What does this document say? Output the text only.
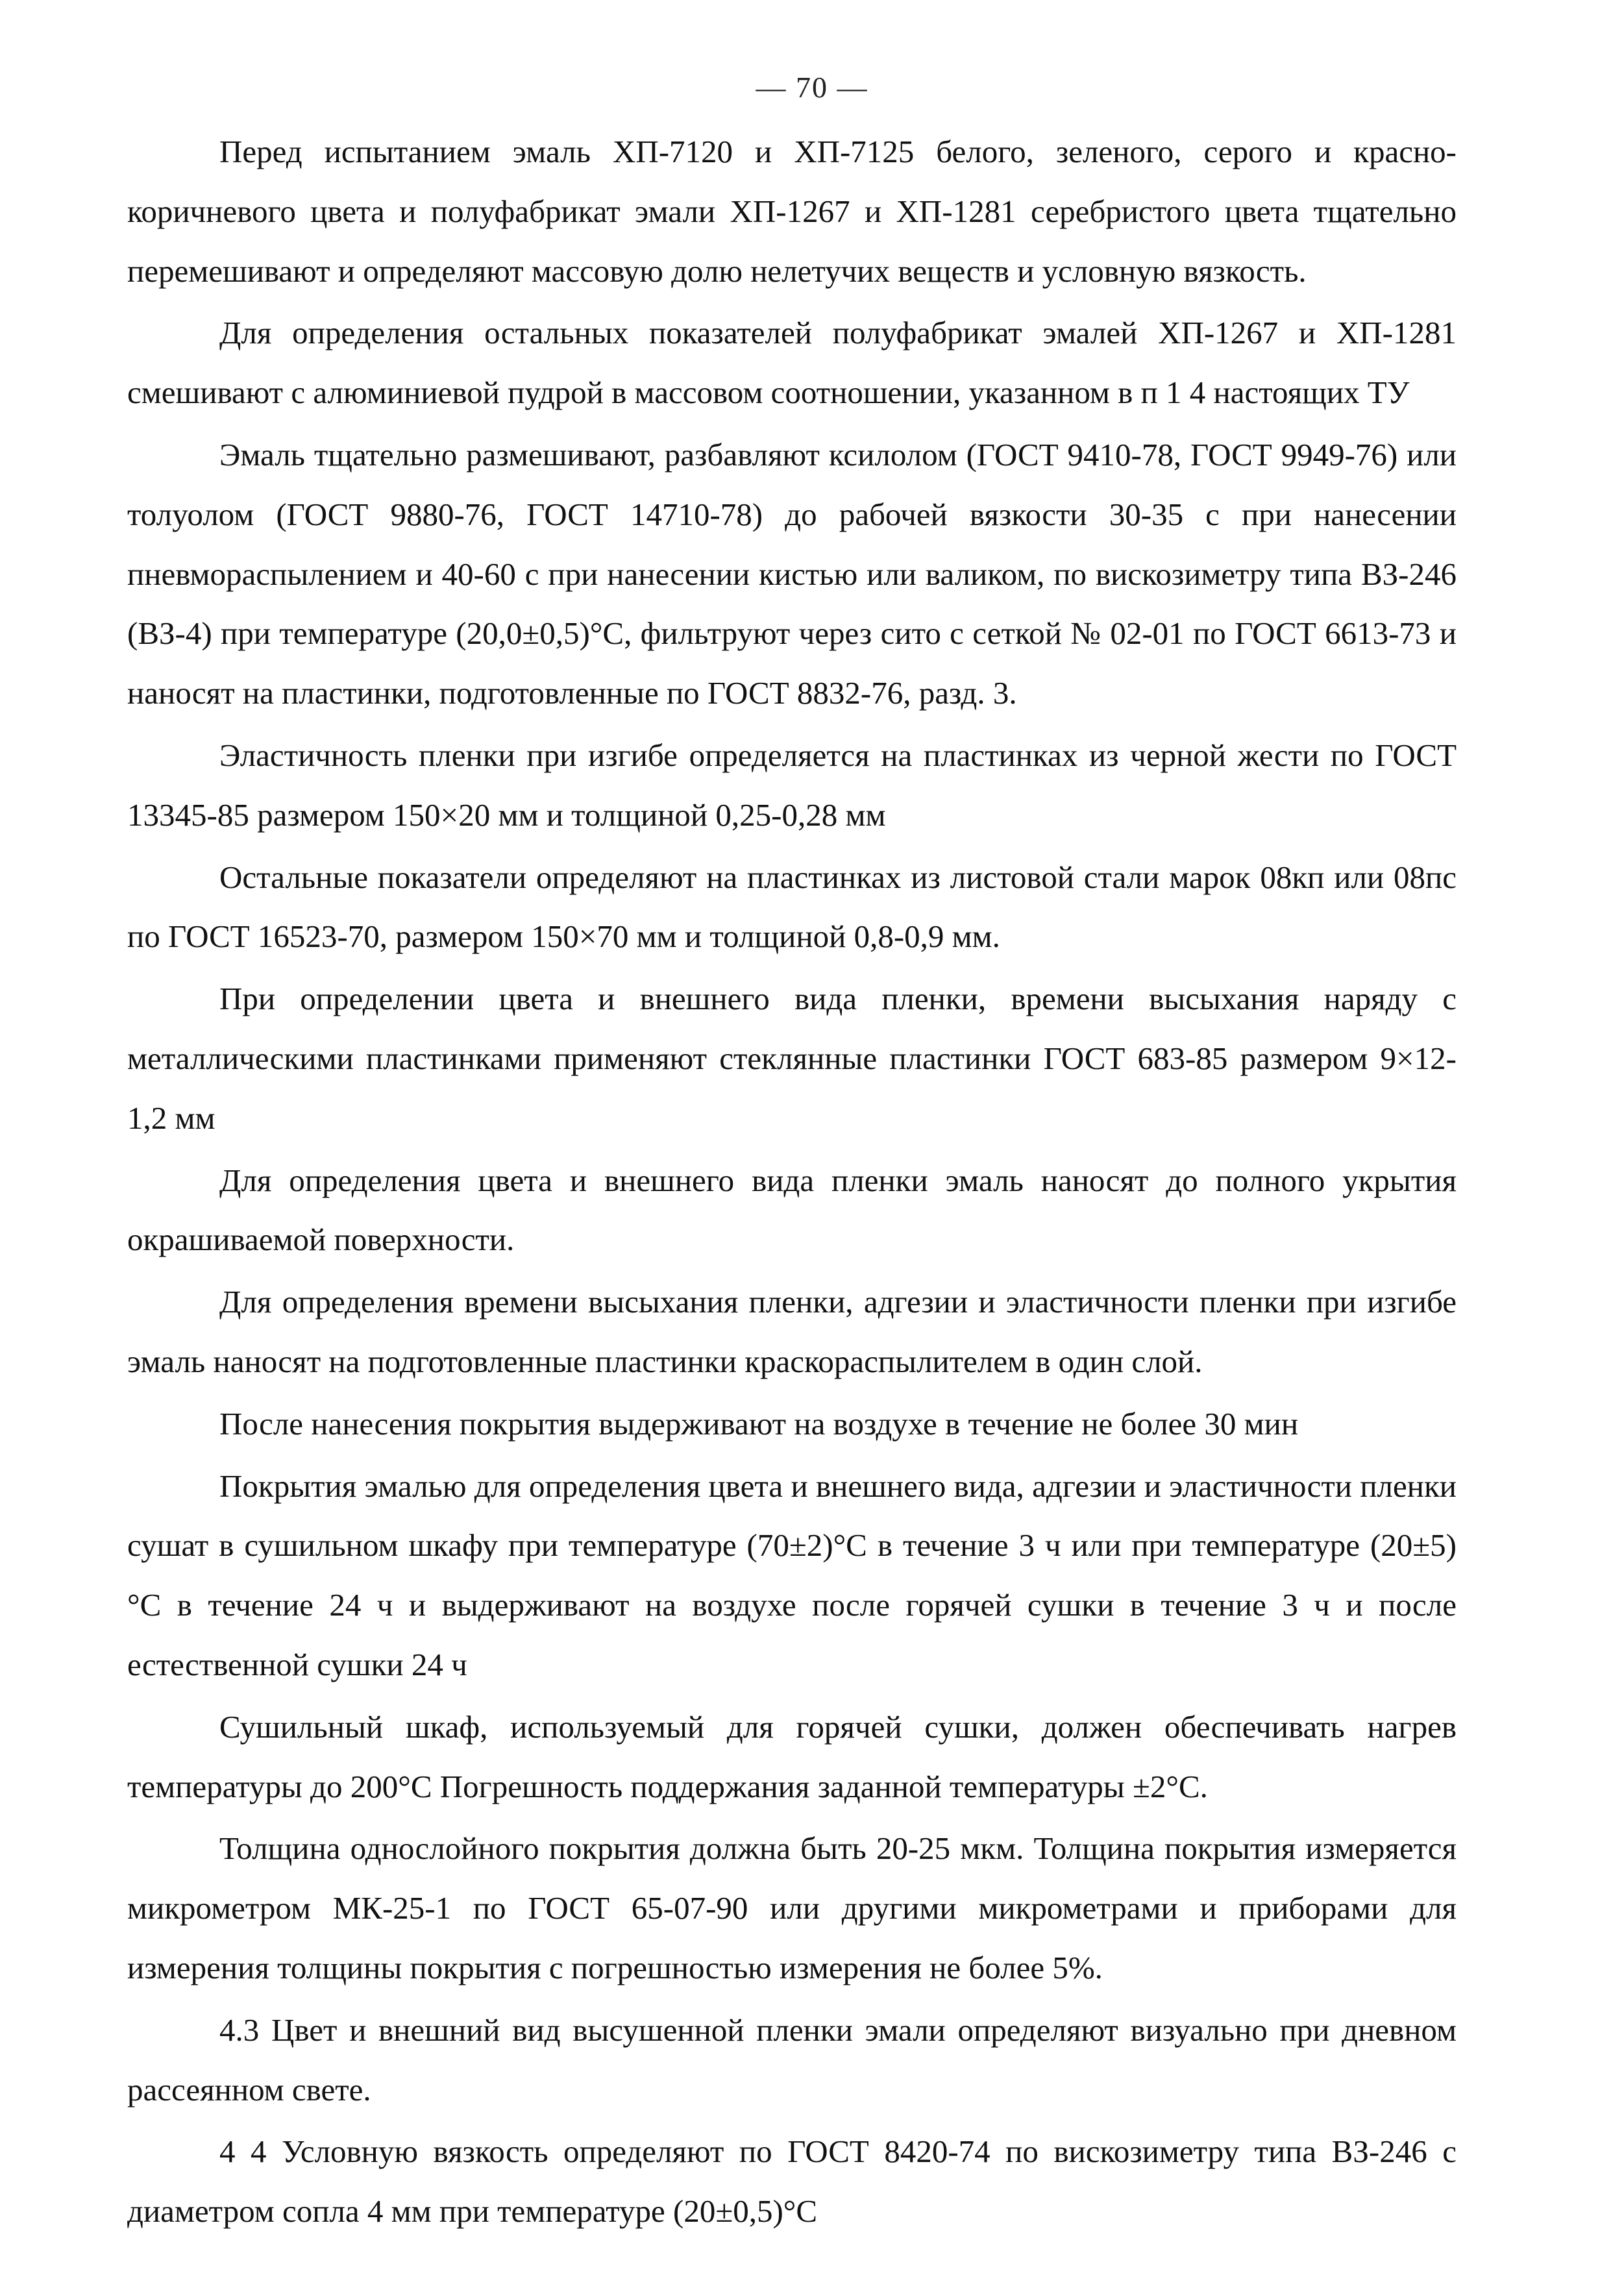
— 70 —

Перед испытанием эмаль ХП-7120 и ХП-7125 белого, зеленого, серого и красно-коричневого цвета и полуфабрикат эмали ХП-1267 и ХП-1281 серебристого цвета тщательно перемешивают и определяют массовую долю нелетучих веществ и условную вязкость.

Для определения остальных показателей полуфабрикат эмалей ХП-1267 и ХП-1281 смешивают с алюминиевой пудрой в массовом соотношении, указанном в п 1 4 настоящих ТУ

Эмаль тщательно размешивают, разбавляют ксилолом (ГОСТ 9410-78, ГОСТ 9949-76) или толуолом (ГОСТ 9880-76, ГОСТ 14710-78) до рабочей вязкости 30-35 с при нанесении пневмораспылением и 40-60 с при нанесении кистью или валиком, по вискозиметру типа ВЗ-246 (ВЗ-4) при температуре (20,0±0,5)°С, фильтруют через сито с сеткой № 02-01 по ГОСТ 6613-73 и наносят на пластинки, подготовленные по ГОСТ 8832-76, разд. 3.

Эластичность пленки при изгибе определяется на пластинках из черной жести по ГОСТ 13345-85 размером 150×20 мм и толщиной 0,25-0,28 мм

Остальные показатели определяют на пластинках из листовой стали марок 08кп или 08пс по ГОСТ 16523-70, размером 150×70 мм и толщиной 0,8-0,9 мм.

При определении цвета и внешнего вида пленки, времени высыхания наряду с металлическими пластинками применяют стеклянные пластинки ГОСТ 683-85 размером 9×12-1,2 мм

Для определения цвета и внешнего вида пленки эмаль наносят до полного укрытия окрашиваемой поверхности.

Для определения времени высыхания пленки, адгезии и эластичности пленки при изгибе эмаль наносят на подготовленные пластинки краскораспылителем в один слой.

После нанесения покрытия выдерживают на воздухе в течение не более 30 мин

Покрытия эмалью для определения цвета и внешнего вида, адгезии и эластичности пленки сушат в сушильном шкафу при температуре (70±2)°С в течение 3 ч или при температуре (20±5)°С в течение 24 ч и выдерживают на воздухе после горячей сушки в течение 3 ч и после естественной сушки 24 ч

Сушильный шкаф, используемый для горячей сушки, должен обеспечивать нагрев температуры до 200°С Погрешность поддержания заданной температуры ±2°С.

Толщина однослойного покрытия должна быть 20-25 мкм. Толщина покрытия измеряется микрометром МК-25-1 по ГОСТ 65-07-90 или другими микрометрами и приборами для измерения толщины покрытия с погрешностью измерения не более 5%.

4.3 Цвет и внешний вид высушенной пленки эмали определяют визуально при дневном рассеянном свете.

4 4 Условную вязкость определяют по ГОСТ 8420-74 по вискозиметру типа ВЗ-246 с диаметром сопла 4 мм при температуре (20±0,5)°С
